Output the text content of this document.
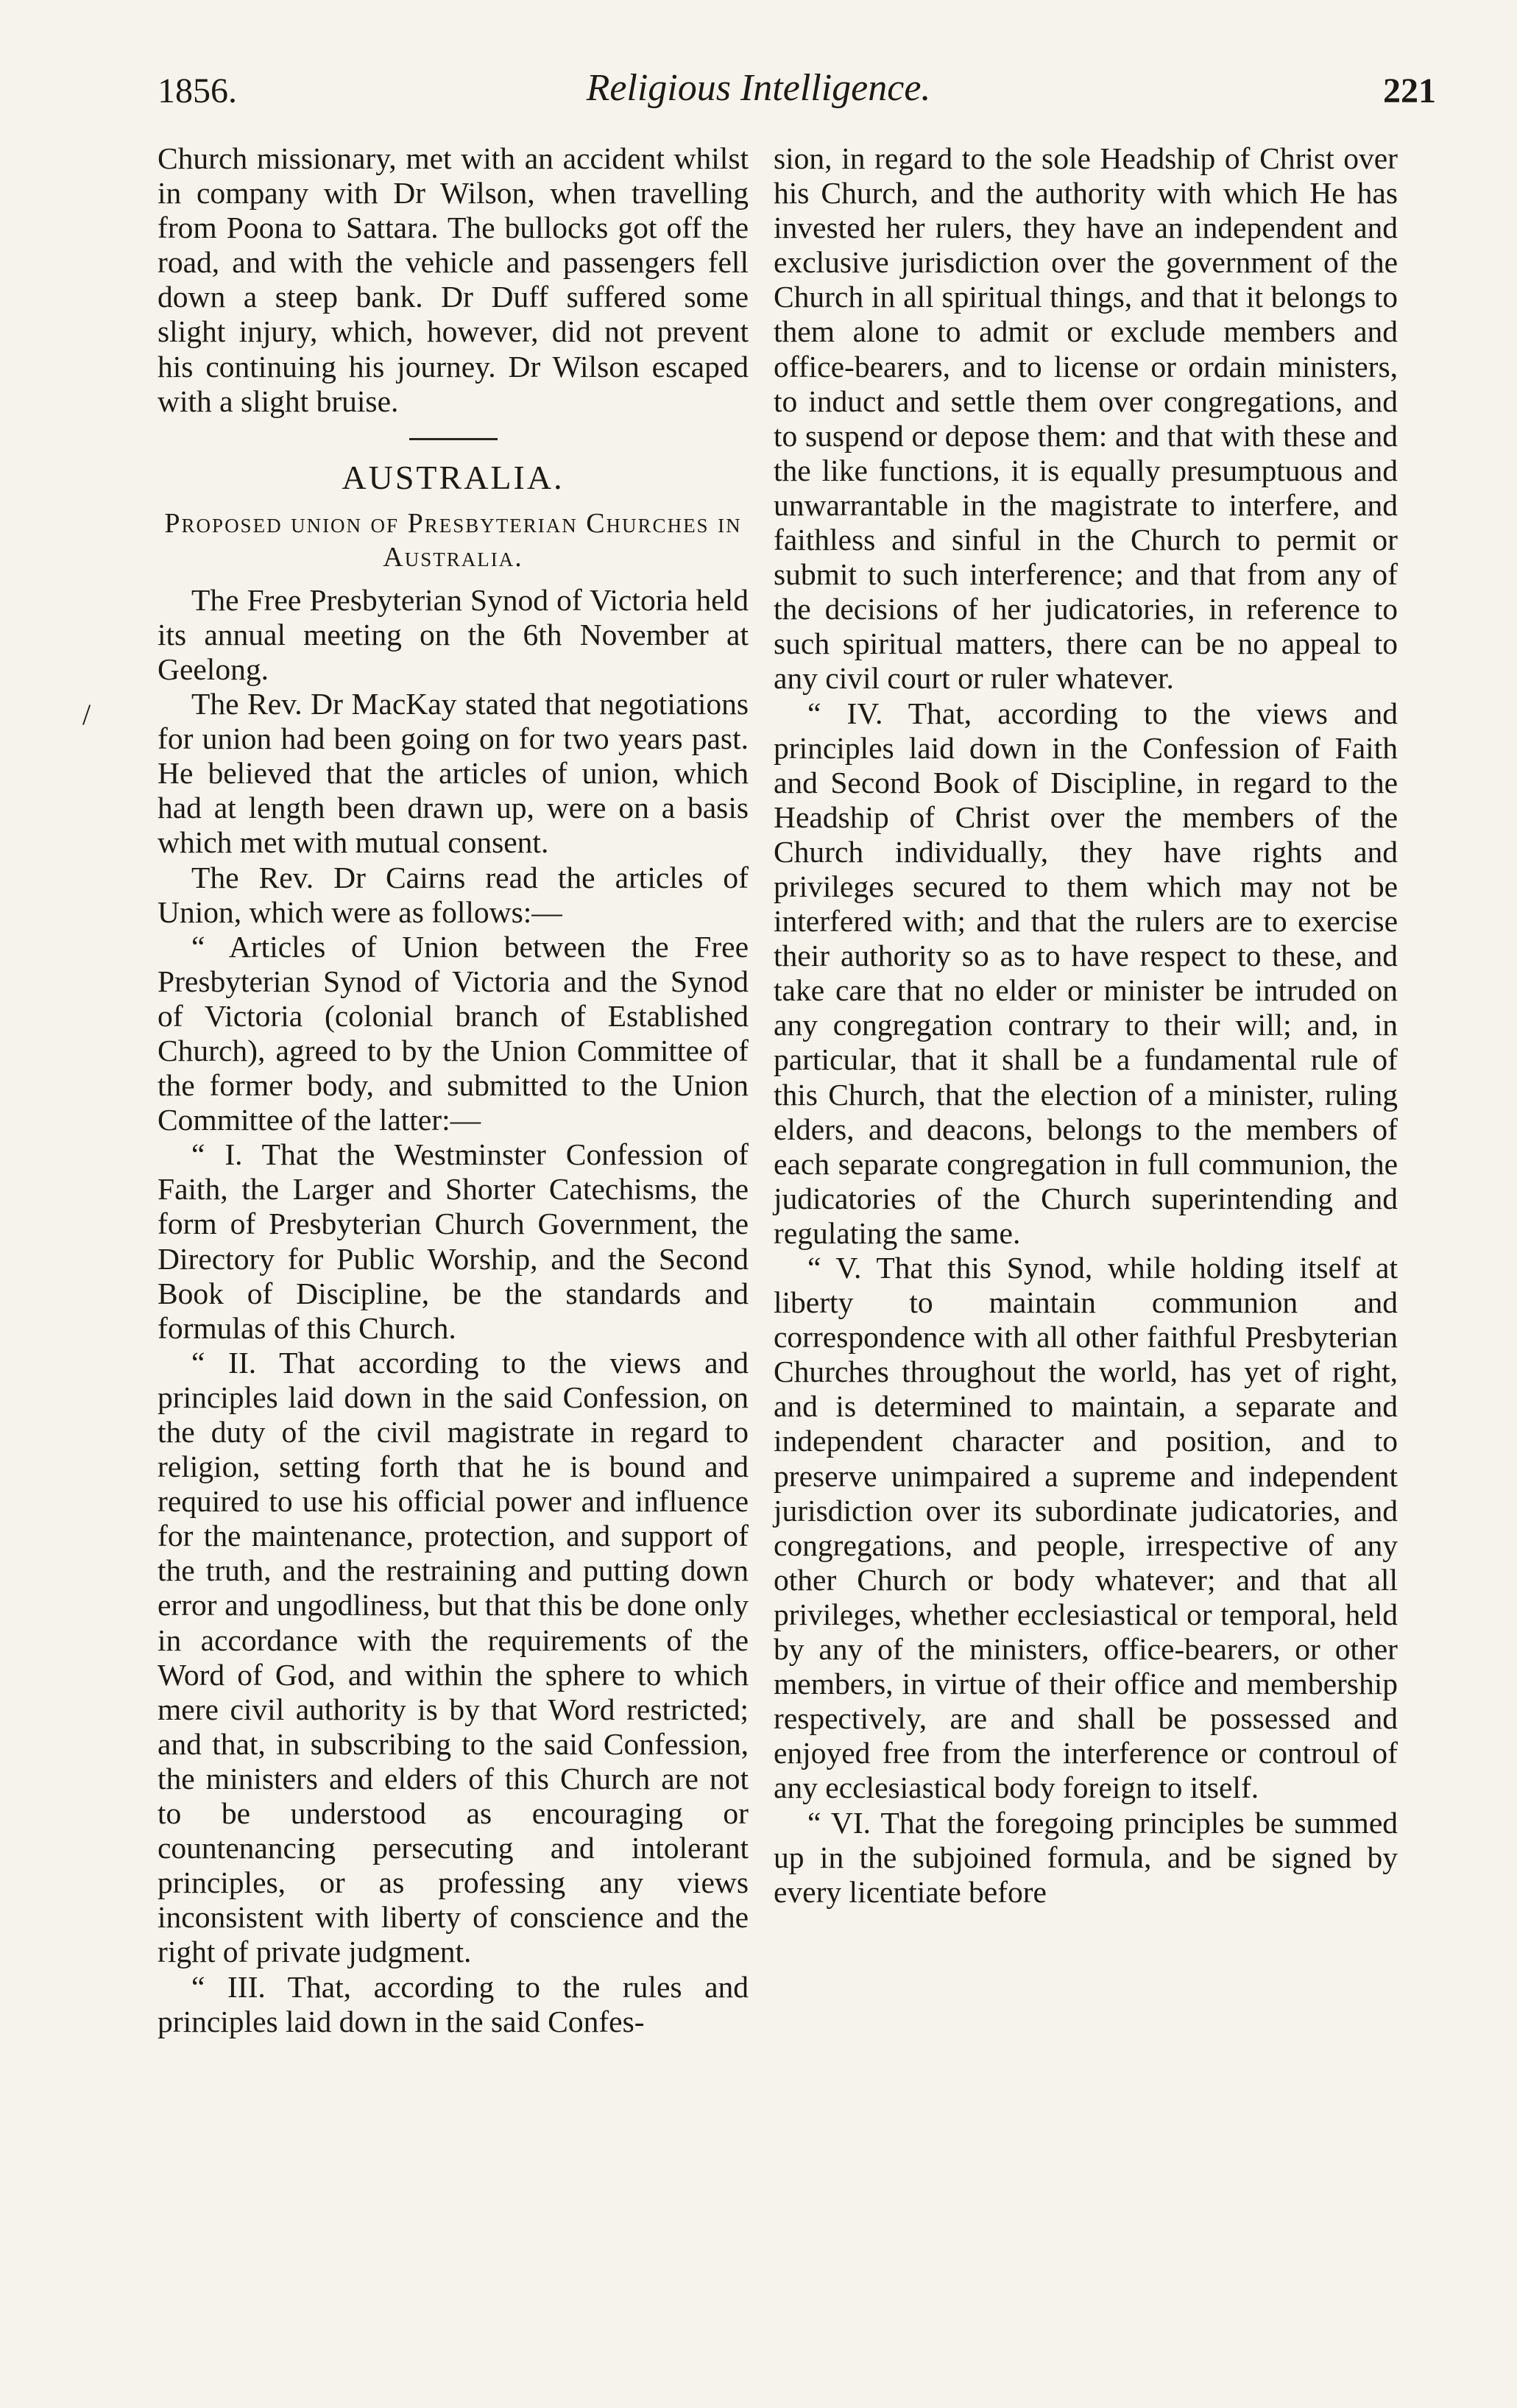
1856.	Religious Intelligence.	221
/

Church missionary, met with an accident whilst in company with Dr Wilson, when travelling from Poona to Sattara. The bullocks got off the road, and with the vehicle and passengers fell down a steep bank. Dr Duff suffered some slight injury, which, however, did not prevent his continuing his journey. Dr Wilson escaped with a slight bruise.

AUSTRALIA.
Proposed union of Presbyterian Churches in Australia.

The Free Presbyterian Synod of Victoria held its annual meeting on the 6th November at Geelong.

The Rev. Dr MacKay stated that negotiations for union had been going on for two years past. He believed that the articles of union, which had at length been drawn up, were on a basis which met with mutual consent.

The Rev. Dr Cairns read the articles of Union, which were as follows:—

“ Articles of Union between the Free Presbyterian Synod of Victoria and the Synod of Victoria (colonial branch of Established Church), agreed to by the Union Committee of the former body, and submitted to the Union Committee of the latter:—

“ I. That the Westminster Confession of Faith, the Larger and Shorter Catechisms, the form of Presbyterian Church Government, the Directory for Public Worship, and the Second Book of Discipline, be the standards and formulas of this Church.

“ II. That according to the views and principles laid down in the said Confession, on the duty of the civil magistrate in regard to religion, setting forth that he is bound and required to use his official power and influence for the maintenance, protection, and support of the truth, and the restraining and putting down error and ungodliness, but that this be done only in accordance with the requirements of the Word of God, and within the sphere to which mere civil authority is by that Word restricted; and that, in subscribing to the said Confession, the ministers and elders of this Church are not to be understood as encouraging or countenancing persecuting and intolerant principles, or as professing any views inconsistent with liberty of conscience and the right of private judgment.

“ III. That, according to the rules and principles laid down in the said Confes-

sion, in regard to the sole Headship of Christ over his Church, and the authority with which He has invested her rulers, they have an independent and exclusive jurisdiction over the government of the Church in all spiritual things, and that it belongs to them alone to admit or exclude members and office-bearers, and to license or ordain ministers, to induct and settle them over congregations, and to suspend or depose them: and that with these and the like functions, it is equally presumptuous and unwarrantable in the magistrate to interfere, and faithless and sinful in the Church to permit or submit to such interference; and that from any of the decisions of her judicatories, in reference to such spiritual matters, there can be no appeal to any civil court or ruler whatever.

“ IV. That, according to the views and principles laid down in the Confession of Faith and Second Book of Discipline, in regard to the Headship of Christ over the members of the Church individually, they have rights and privileges secured to them which may not be interfered with; and that the rulers are to exercise their authority so as to have respect to these, and take care that no elder or minister be intruded on any congregation contrary to their will; and, in particular, that it shall be a fundamental rule of this Church, that the election of a minister, ruling elders, and deacons, belongs to the members of each separate congregation in full communion, the judicatories of the Church superintending and regulating the same.

“ V. That this Synod, while holding itself at liberty to maintain communion and correspondence with all other faithful Presbyterian Churches throughout the world, has yet of right, and is determined to maintain, a separate and independent character and position, and to preserve unimpaired a supreme and independent jurisdiction over its subordinate judicatories, and congregations, and people, irrespective of any other Church or body whatever; and that all privileges, whether ecclesiastical or temporal, held by any of the ministers, office-bearers, or other members, in virtue of their office and membership respectively, are and shall be possessed and enjoyed free from the interference or controul of any ecclesiastical body foreign to itself.

“ VI. That the foregoing principles be summed up in the subjoined formula, and be signed by every licentiate before
